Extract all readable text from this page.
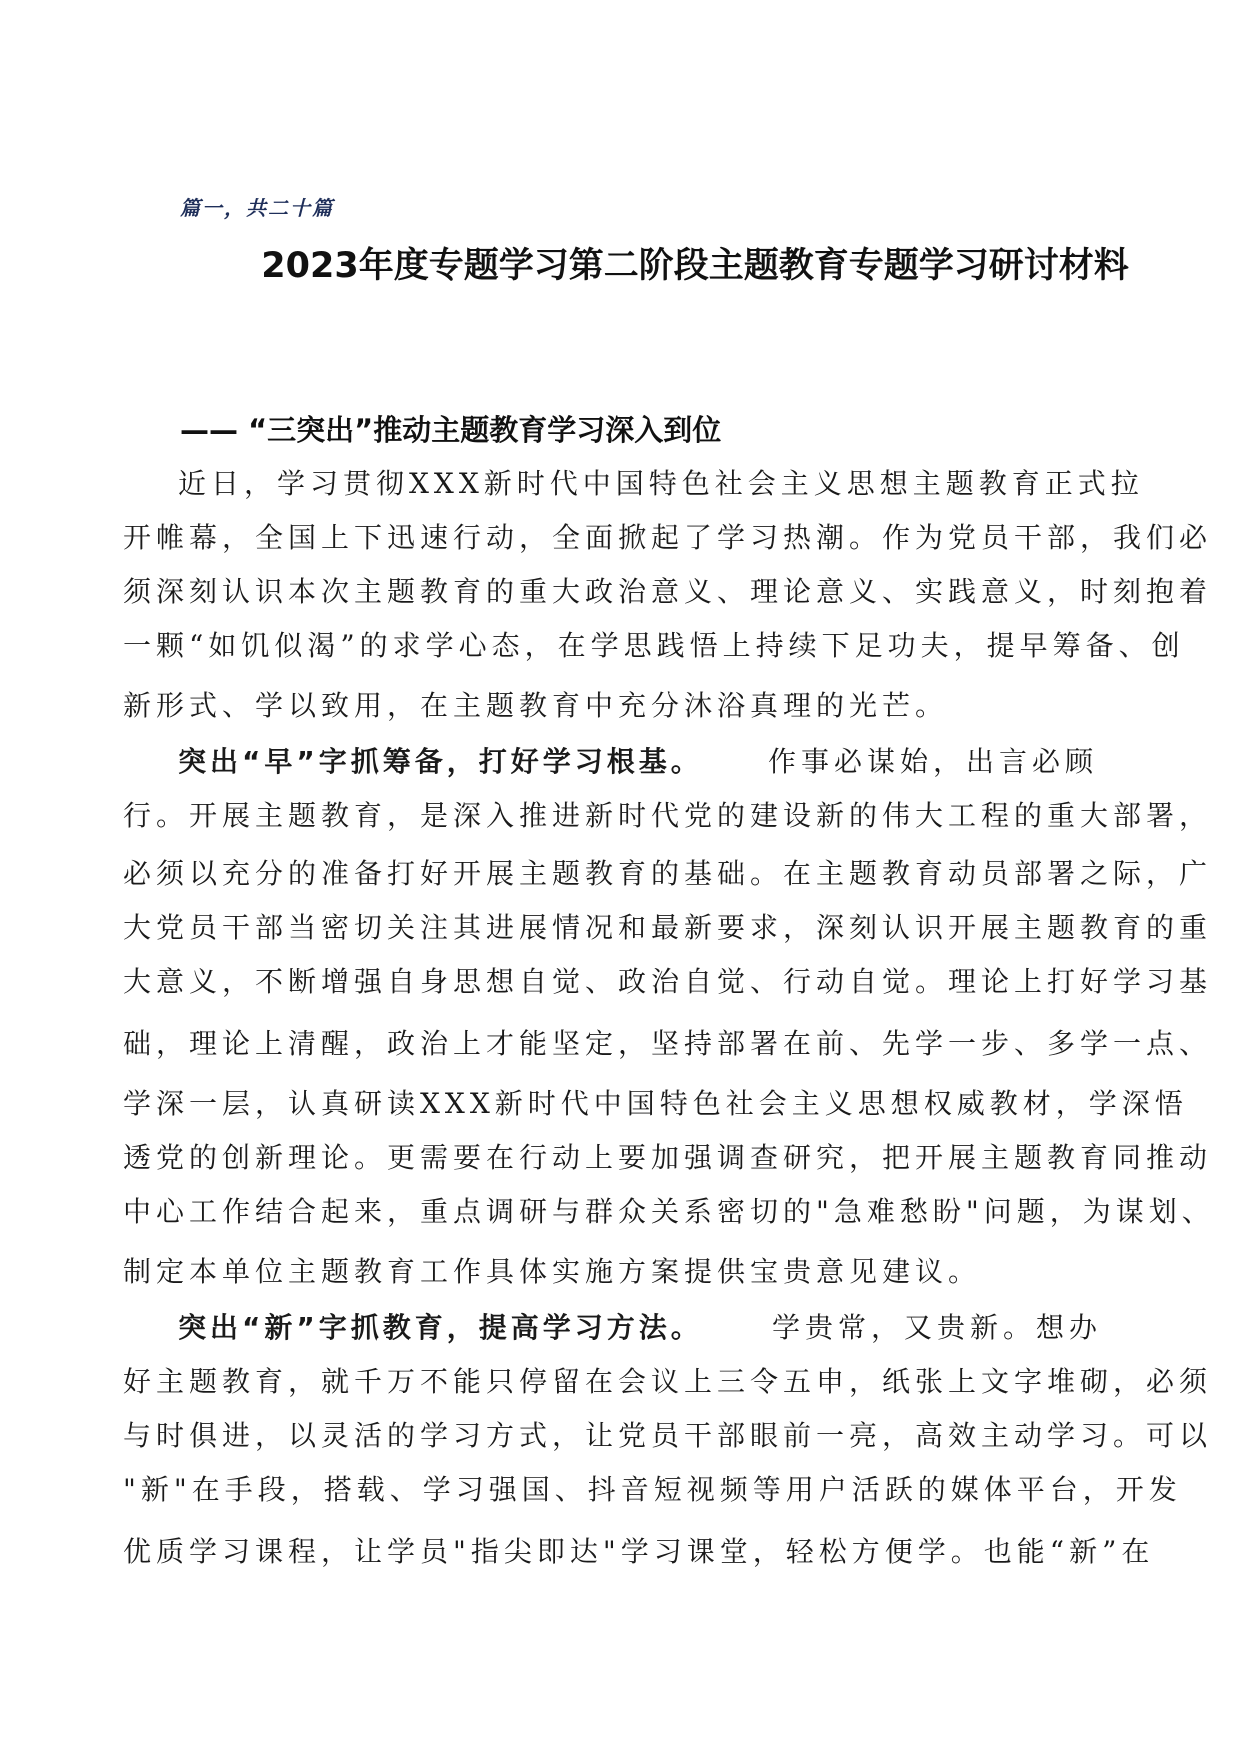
篇一，共二十篇
2023年度专题学习第二阶段主题教育专题学习研讨材料
—— “三突出”推动主题教育学习深入到位
近日，学习贯彻XXX新时代中国特色社会主义思想主题教育正式拉
开帷幕，全国上下迅速行动，全面掀起了学习热潮。作为党员干部，我们必
须深刻认识本次主题教育的重大政治意义、理论意义、实践意义，时刻抱着
一颗“如饥似渴”的求学心态，在学思践悟上持续下足功夫，提早筹备、创
新形式、学以致用，在主题教育中充分沐浴真理的光芒。
突出“早”字抓筹备，打好学习根基。 作事必谋始，出言必顾
行。开展主题教育，是深入推进新时代党的建设新的伟大工程的重大部署，
必须以充分的准备打好开展主题教育的基础。在主题教育动员部署之际，广
大党员干部当密切关注其进展情况和最新要求，深刻认识开展主题教育的重
大意义，不断增强自身思想自觉、政治自觉、行动自觉。理论上打好学习基
础，理论上清醒，政治上才能坚定，坚持部署在前、先学一步、多学一点、
学深一层，认真研读XXX新时代中国特色社会主义思想权威教材，学深悟
透党的创新理论。更需要在行动上要加强调查研究，把开展主题教育同推动
中心工作结合起来，重点调研与群众关系密切的"急难愁盼"问题，为谋划、
制定本单位主题教育工作具体实施方案提供宝贵意见建议。
突出“新”字抓教育，提高学习方法。 学贵常，又贵新。想办
好主题教育，就千万不能只停留在会议上三令五申，纸张上文字堆砌，必须
与时俱进，以灵活的学习方式，让党员干部眼前一亮，高效主动学习。可以
"新"在手段，搭载、学习强国、抖音短视频等用户活跃的媒体平台，开发
优质学习课程，让学员"指尖即达"学习课堂，轻松方便学。也能“新”在
